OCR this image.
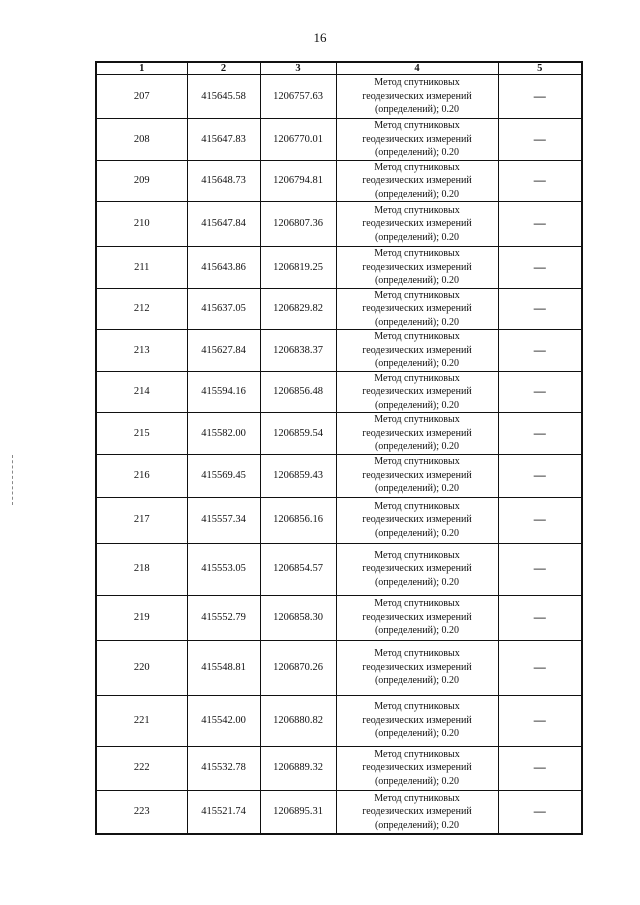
16
1	2	3	4	5
207	415645.58	1206757.63	Метод спутниковых
геодезических измерений
(определений); 0.20	—
208	415647.83	1206770.01	Метод спутниковых
геодезических измерений
(определений); 0.20	—
209	415648.73	1206794.81	Метод спутниковых
геодезических измерений
(определений); 0.20	—
210	415647.84	1206807.36	Метод спутниковых
геодезических измерений
(определений); 0.20	—
211	415643.86	1206819.25	Метод спутниковых
геодезических измерений
(определений); 0.20	—
212	415637.05	1206829.82	Метод спутниковых
геодезических измерений
(определений); 0.20	—
213	415627.84	1206838.37	Метод спутниковых
геодезических измерений
(определений); 0.20	—
214	415594.16	1206856.48	Метод спутниковых
геодезических измерений
(определений); 0.20	—
215	415582.00	1206859.54	Метод спутниковых
геодезических измерений
(определений); 0.20	—
216	415569.45	1206859.43	Метод спутниковых
геодезических измерений
(определений); 0.20	—
217	415557.34	1206856.16	Метод спутниковых
геодезических измерений
(определений); 0.20	—
218	415553.05	1206854.57	Метод спутниковых
геодезических измерений
(определений); 0.20	—
219	415552.79	1206858.30	Метод спутниковых
геодезических измерений
(определений); 0.20	—
220	415548.81	1206870.26	Метод спутниковых
геодезических измерений
(определений); 0.20	—
221	415542.00	1206880.82	Метод спутниковых
геодезических измерений
(определений); 0.20	—
222	415532.78	1206889.32	Метод спутниковых
геодезических измерений
(определений); 0.20	—
223	415521.74	1206895.31	Метод спутниковых
геодезических измерений
(определений); 0.20	—
